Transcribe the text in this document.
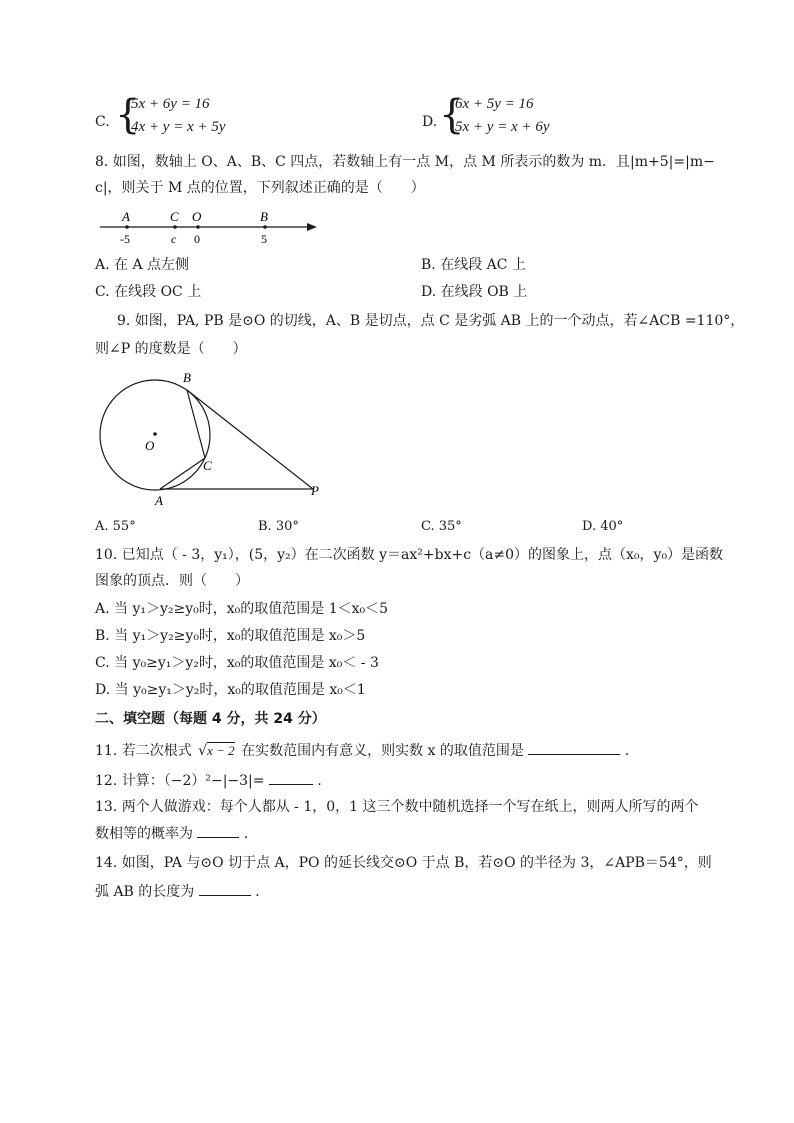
C. {
5x + 6y = 16
4x + y = x + 5y	D. {
6x + 5y = 16
5x + y = x + 6y
8. 如图，数轴上 O、A、B、C 四点，若数轴上有一点 M，点 M 所表示的数为 m．且|m+5|=|m−
c|，则关于 M 点的位置，下列叙述正确的是（　　）
A	C O	B
-5	c 0	5
A. 在 A 点左侧	B. 在线段 AC 上
C. 在线段 OC 上	D. 在线段 OB 上
9. 如图，PA, PB 是⊙O 的切线，A、B 是切点，点 C 是劣弧 AB 上的一个动点，若∠ACB =110°，
则∠P 的度数是（　　）
B
O
C
A
P
A. 55°	B. 30°	C. 35°	D. 40°
10. 已知点（ - 3，y₁），(5，y₂）在二次函数 y＝ax²+bx+c（a≠0）的图象上，点（x₀，y₀）是函数
图象的顶点．则（　　）
A. 当 y₁＞y₂≥y₀时，x₀的取值范围是 1＜x₀＜5
B. 当 y₁＞y₂≥y₀时，x₀的取值范围是 x₀＞5
C. 当 y₀≥y₁＞y₂时，x₀的取值范围是 x₀＜ - 3
D. 当 y₀≥y₁＞y₂时，x₀的取值范围是 x₀＜1
二、填空题（每题 4 分，共 24 分）
11. 若二次根式 √x − 2 在实数范围内有意义，则实数 x 的取值范围是	．
12. 计算：（−2）²−|−3|=	．
13. 两个人做游戏：每个人都从 - 1，0，1 这三个数中随机选择一个写在纸上，则两人所写的两个
数相等的概率为	．
14. 如图，PA 与⊙O 切于点 A，PO 的延长线交⊙O 于点 B，若⊙O 的半径为 3，∠APB＝54°，则
弧 AB 的长度为	．
